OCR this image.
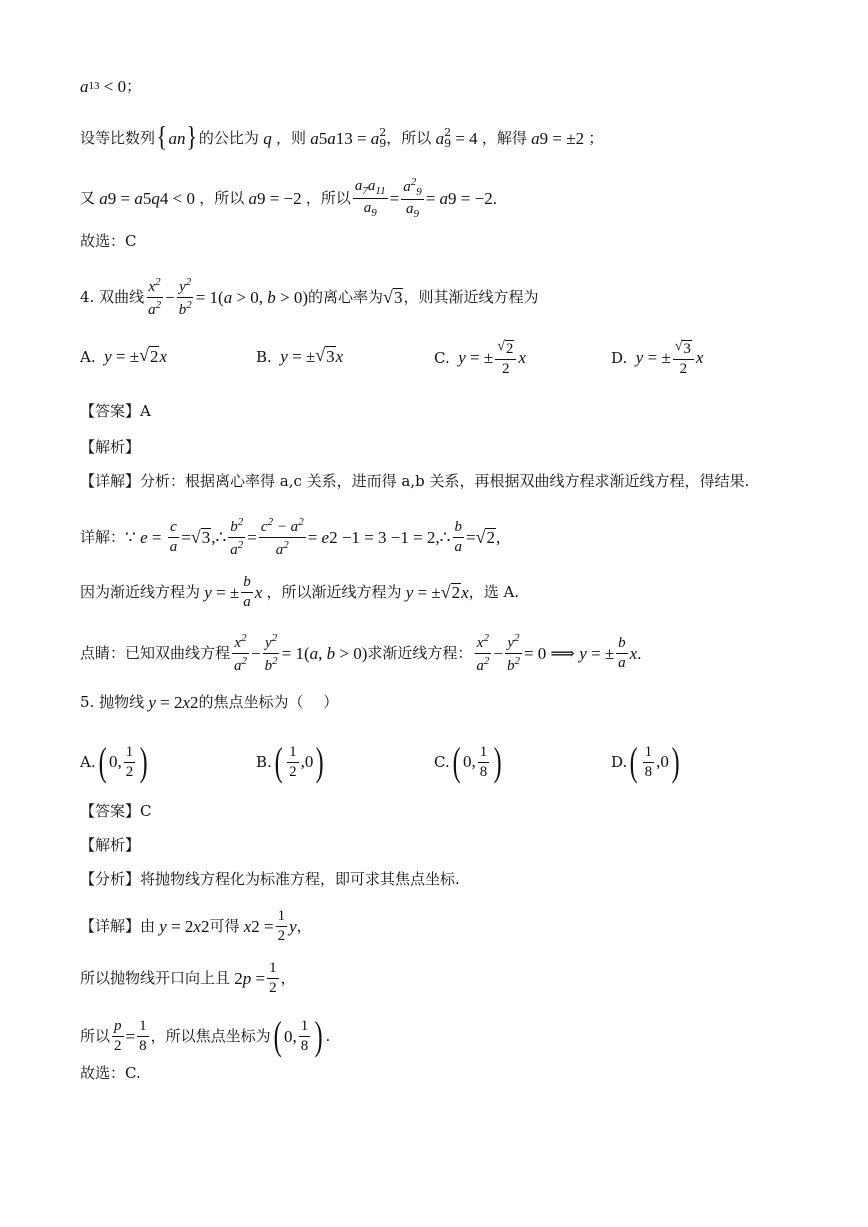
a 13 < 0 ；
设等比数列 { a n } 的公比为 q ，则 a 5 a 13 = a 2
9 ，所以 a 2
9 = 4 ，解得 a 9 = ±2 ；
又 a 9 = a 5 q 4 < 0 ，所以 a 9 = −2 ，所以 $\frac{a_7a_{11}}{a_9} = \frac{a^2_9}{a_9} = a$ 9 = −2.
故选：C
4. 双曲线 $\frac{x^2}{a^2} - \frac{y^2}{b^2} = 1$( a > 0, b > 0) 的离心率为 √ 3 ，则其渐近线方程为
A. y = ± √ 2 x	B. y = ± √ 3 x	C. y = ± $\frac{√ 2}{2}$ x	D. y = ± $\frac{√ 3}{2}$ x
【答案】A
【解析】
【详解】分析：根据离心率得 a,c 关系，进而得 a,b 关系，再根据双曲线方程求渐近线方程，得结果.
详解： ∵ $e = \frac{c}{a}$ = √ 3 ,∴ $\frac{b^2}{a^2} = \frac{c^2 - a^2}{a^2} = e$ 2 −1 = 3 −1 = 2,∴ $\frac{b}{a}$ = √ 2 ,
因为渐近线方程为 y = ± $\frac{b}{a}$ x ，所以渐近线方程为 y = ± √ 2 x ，选 A.
点睛：已知双曲线方程 $\frac{x^2}{a^2} - \frac{y^2}{b^2} = 1$( a , b > 0) 求渐近线方程： $\frac{x^2}{a^2} - \frac{y^2}{b^2} = 0$ ⟹ y = ± $\frac{b}{a}$ x .
5. 抛物线 y = 2 x 2 的焦点坐标为（　 ）
A. ( 0, $\frac{1}{2}$ )	B. ( $\frac{1}{2} ,0$ )	C. ( 0, $\frac{1}{8}$ )	D. ( $\frac{1}{8} ,0$ )
【答案】C
【解析】
【分析】将抛物线方程化为标准方程，即可求其焦点坐标.
【详解】由 y = 2 x 2 可得 x $2 = \frac{1}{2}$ y ，
所以抛物线开口向上且 2 $p = \frac{1}{2}$ ，
所以 $\frac{p}{2} = \frac{1}{8}$ ，所以焦点坐标为 ( 0, $\frac{1}{8}$ ) .
故选：C.
